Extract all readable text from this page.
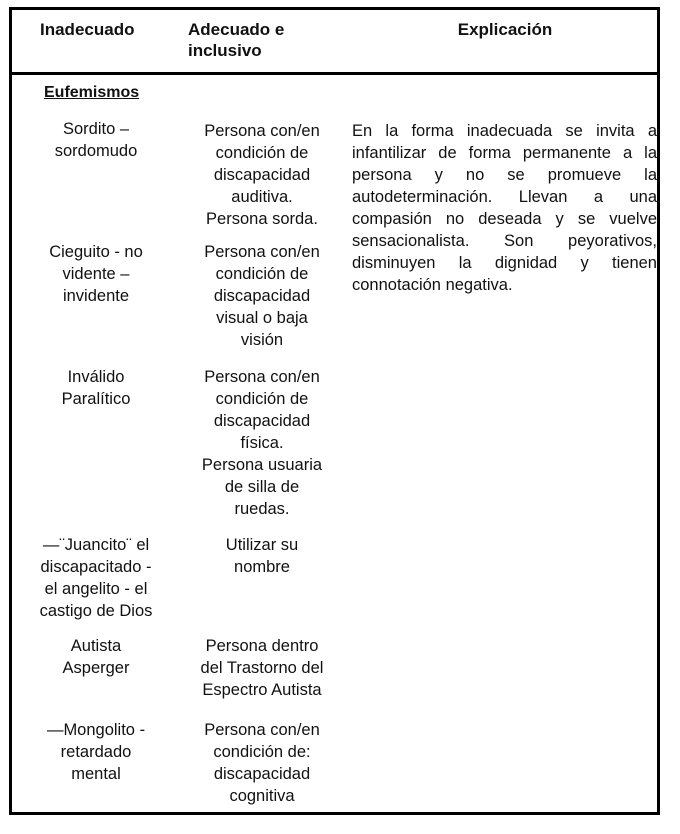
Inadecuado	Adecuado e inclusivo
Explicación
Eufemismos
Sordito –
sordomudo
Persona con/en
condición de
discapacidad
auditiva.
Persona sorda.
Cieguito - no
vidente –
invidente
Persona con/en
condición de
discapacidad
visual o baja
visión
Inválido
Paralítico
Persona con/en
condición de
discapacidad
física.
Persona usuaria
de silla de
ruedas.
—¨Juancito¨ el
discapacitado -
el angelito - el
castigo de Dios
Utilizar su
nombre
Autista
Asperger
Persona dentro
del Trastorno del
Espectro Autista
—Mongolito -
retardado
mental
Persona con/en
condición de:
discapacidad
cognitiva
En la forma inadecuada se invita a infantilizar de forma permanente a la persona y no se promueve la autodeterminación. Llevan a una compasión no deseada y se vuelve sensacionalista. Son peyorativos, disminuyen la dignidad y tienen connotación negativa.
